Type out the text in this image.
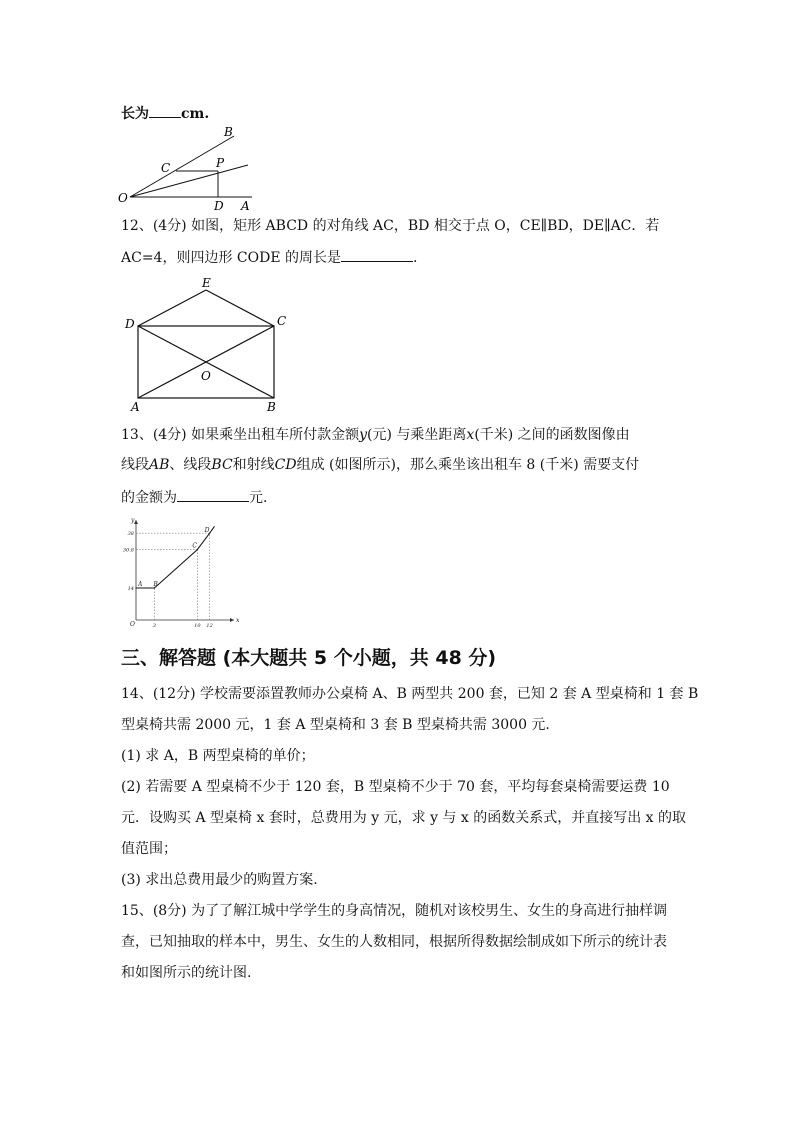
长为 cm.
B
C	P
O
D A
12、(4分) 如图，矩形 ABCD 的对角线 AC，BD 相交于点 O，CE∥BD，DE∥AC．若
AC=4，则四边形 CODE 的周长是	.
E
D	C
O
A	B
13、(4分) 如果乘坐出租车所付款金额y(元) 与乘坐距离x(千米) 之间的函数图像由
线段AB、线段BC和射线CD组成 (如图所示)，那么乘坐该出租车 8 (千米) 需要支付
的金额为	元.
x
y
O	3	10 12
14
30.8
38
A B
C
D
三、解答题 (本大题共 5 个小题，共 48 分)
14、(12分) 学校需要添置教师办公桌椅 A、B 两型共 200 套，已知 2 套 A 型桌椅和 1 套 B
型桌椅共需 2000 元，1 套 A 型桌椅和 3 套 B 型桌椅共需 3000 元.
(1) 求 A，B 两型桌椅的单价；
(2) 若需要 A 型桌椅不少于 120 套，B 型桌椅不少于 70 套，平均每套桌椅需要运费 10
元．设购买 A 型桌椅 x 套时，总费用为 y 元，求 y 与 x 的函数关系式，并直接写出 x 的取
值范围；
(3) 求出总费用最少的购置方案.
15、(8分) 为了了解江城中学学生的身高情况，随机对该校男生、女生的身高进行抽样调
查，已知抽取的样本中，男生、女生的人数相同，根据所得数据绘制成如下所示的统计表
和如图所示的统计图.
